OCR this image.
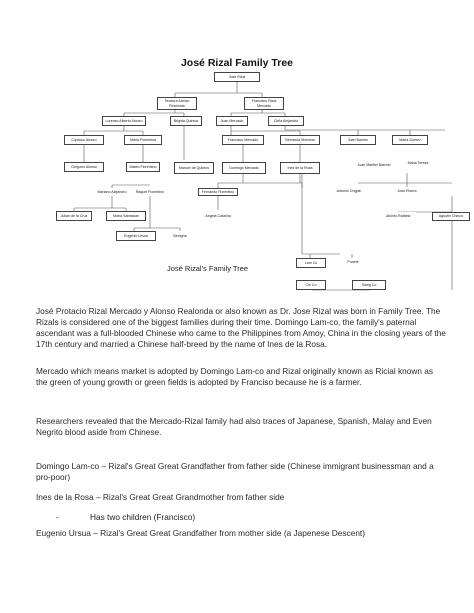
José Rizal Family Tree
Jose Rizal
Teodora Alonso Realonda
Francisco Rizal Mercado
Lorenzo Alberto Alonzo	Brigida Quintos	Juan Mercado	Cirila Alejandro
Cipriano Alonzo	Maria Florentina	Francisco Mercado	Bernarda Monicha	Juan Barreto	Maria Gomez
Juan Marifiel Barreto
Maria Teresa
Gregorio Alonso	Mateo Florentino	Manuel de Quintos	Domingo Mercado	Ines de la Rosa
Mariano Alejandro	Raquel Florentino	Fernando Florentino	Antonio Ongpin	Jose Rivera
Julian de la Cruz	Maria Sabaskan	Angela Catalina	Jacinto Rafaela	Agustin Chinco
Eugenio Ursua	Benigna
Lam Co	Punele
Chi Co	Siang Co
José Rizal's Family Tree

José Protacio Rizal Mercado y Alonso Realonda or also known as Dr. Jose Rizal was born in Family Tree. The Rizals is considered one of the biggest families during their time. Domingo Lam-co, the family's paternal ascendant was a full-blooded Chinese who came to the Philippines from Amoy, China in the closing years of the 17th century and married a Chinese half-breed by the name of Ines de la Rosa.

Mercado which means market is adopted by Domingo Lam-co and Rizal originally known as Ricial known as the green of young growth or green fields is adopted by Franciso because he is a farmer.

Researchers revealed that the Mercado-Rizal family had also traces of Japanese, Spanish, Malay and Even Negrito blood aside from Chinese.

Domingo Lam-co – Rizal's Great Great Grandfather from father side (Chinese immigrant businessman and a pro-poor)

Ines de la Rosa – Rizal's Great Great Grandmother from father side

-	Has two children (Francisco)

Eugenio Ursua – Rizal's Great Great Grandfather from mother side (a Japenese Descent)
